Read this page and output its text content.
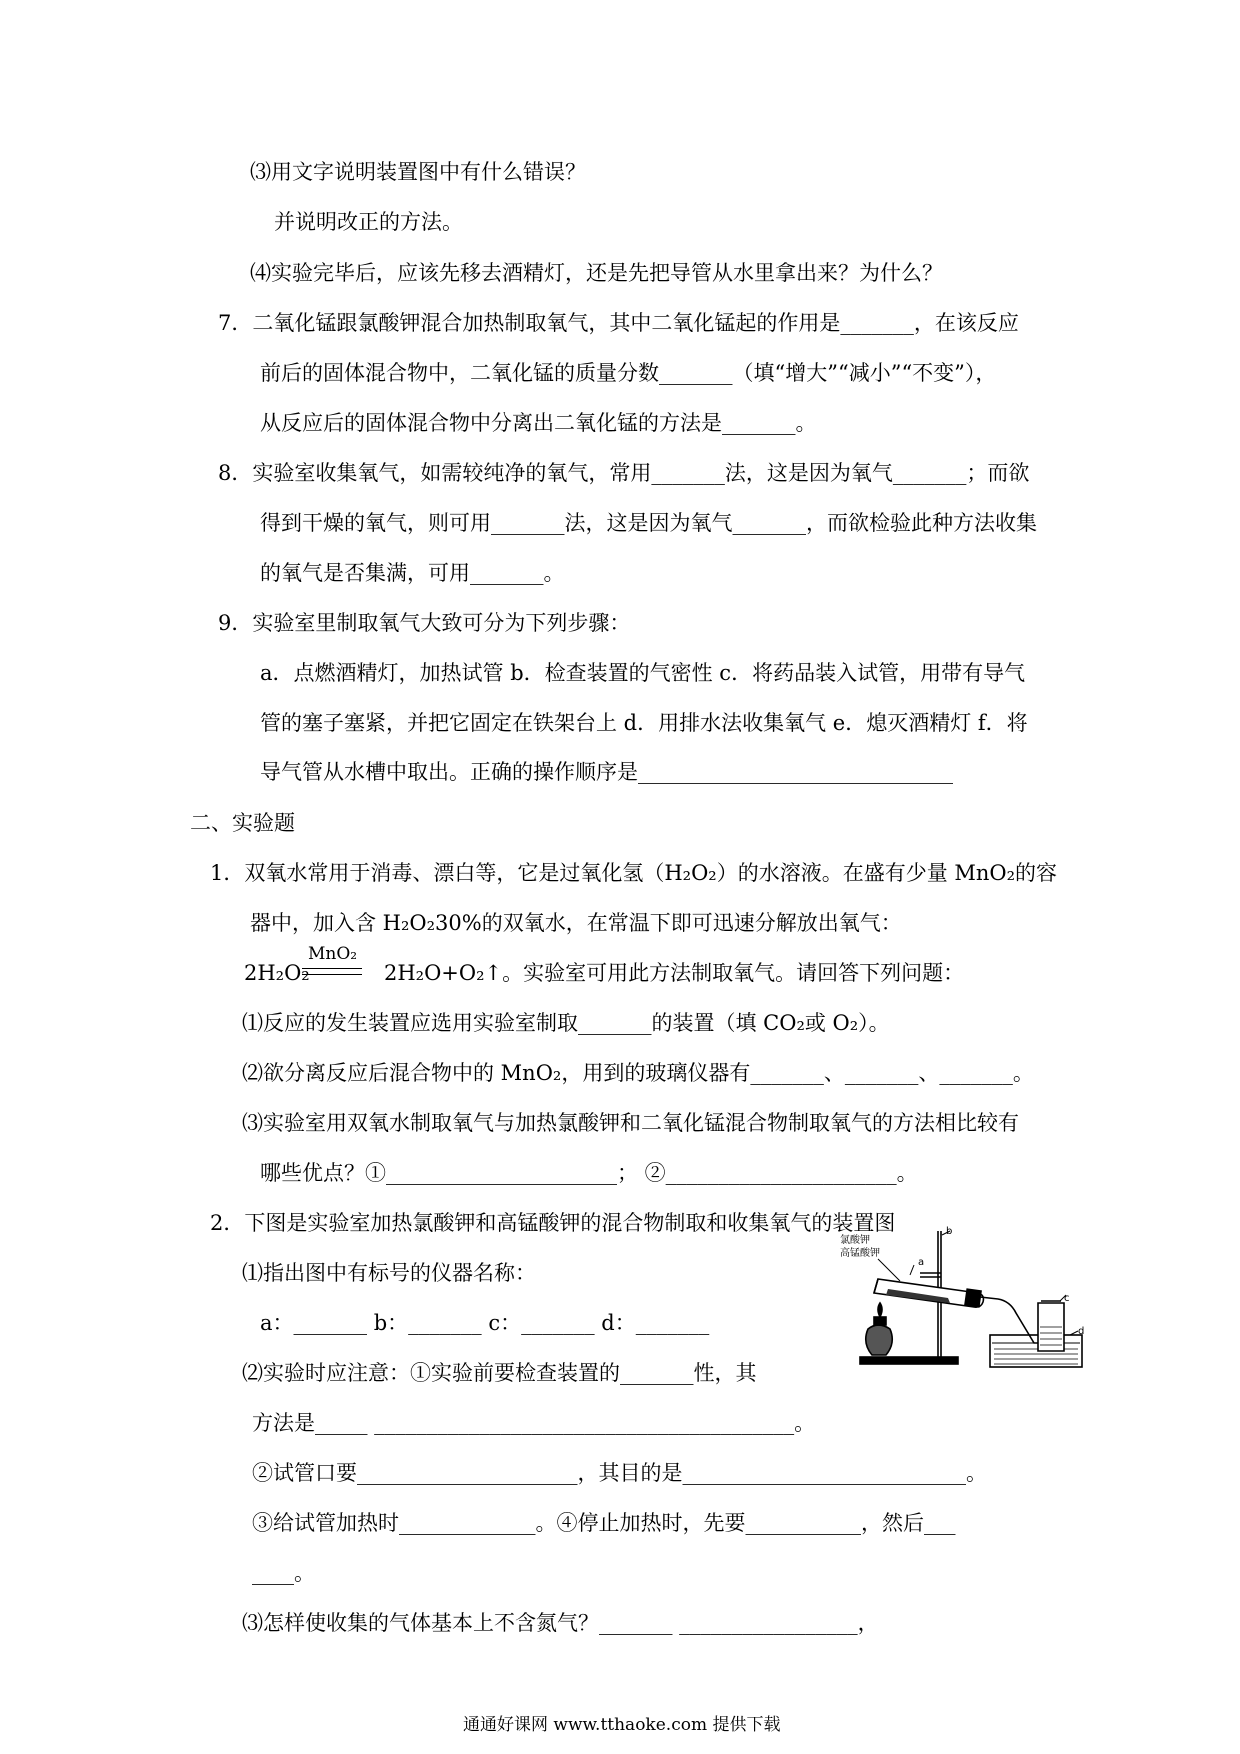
⑶用文字说明装置图中有什么错误？
并说明改正的方法。
⑷实验完毕后，应该先移去酒精灯，还是先把导管从水里拿出来？为什么？
7．二氧化锰跟氯酸钾混合加热制取氧气，其中二氧化锰起的作用是_______，在该反应
前后的固体混合物中，二氧化锰的质量分数_______（填“增大”“减小”“不变”），
从反应后的固体混合物中分离出二氧化锰的方法是_______。
8．实验室收集氧气，如需较纯净的氧气，常用_______法，这是因为氧气_______；而欲
得到干燥的氧气，则可用_______法，这是因为氧气_______，而欲检验此种方法收集
的氧气是否集满，可用_______。
9．实验室里制取氧气大致可分为下列步骤：
a．点燃酒精灯，加热试管 b．检查装置的气密性 c．将药品装入试管，用带有导气
管的塞子塞紧，并把它固定在铁架台上 d．用排水法收集氧气 e．熄灭酒精灯 f．将
导气管从水槽中取出。正确的操作顺序是______________________________
二、实验题
1．双氧水常用于消毒、漂白等，它是过氧化氢（H₂O₂）的水溶液。在盛有少量 MnO₂的容
器中，加入含 H₂O₂30%的双氧水，在常温下即可迅速分解放出氧气：
2H₂O₂
MnO₂
2H₂O+O₂↑。实验室可用此方法制取氧气。请回答下列问题：
⑴反应的发生装置应选用实验室制取_______的装置（填 CO₂或 O₂）。
⑵欲分离反应后混合物中的 MnO₂，用到的玻璃仪器有_______、_______、_______。
⑶实验室用双氧水制取氧气与加热氯酸钾和二氧化锰混合物制取氧气的方法相比较有
哪些优点？①______________________； ②______________________。
2．下图是实验室加热氯酸钾和高锰酸钾的混合物制取和收集氧气的装置图
⑴指出图中有标号的仪器名称：
a：_______ b：_______ c：_______ d：_______
⑵实验时应注意：①实验前要检查装置的_______性，其
方法是_____ ________________________________________。
②试管口要_____________________，其目的是___________________________。
③给试管加热时_____________。④停止加热时，先要___________，然后___
____。
⑶怎样使收集的气体基本上不含氮气？_______ _________________，
氯酸钾
高锰酸钾
b
a
c
d
通通好课网 www.tthaoke.com 提供下载
